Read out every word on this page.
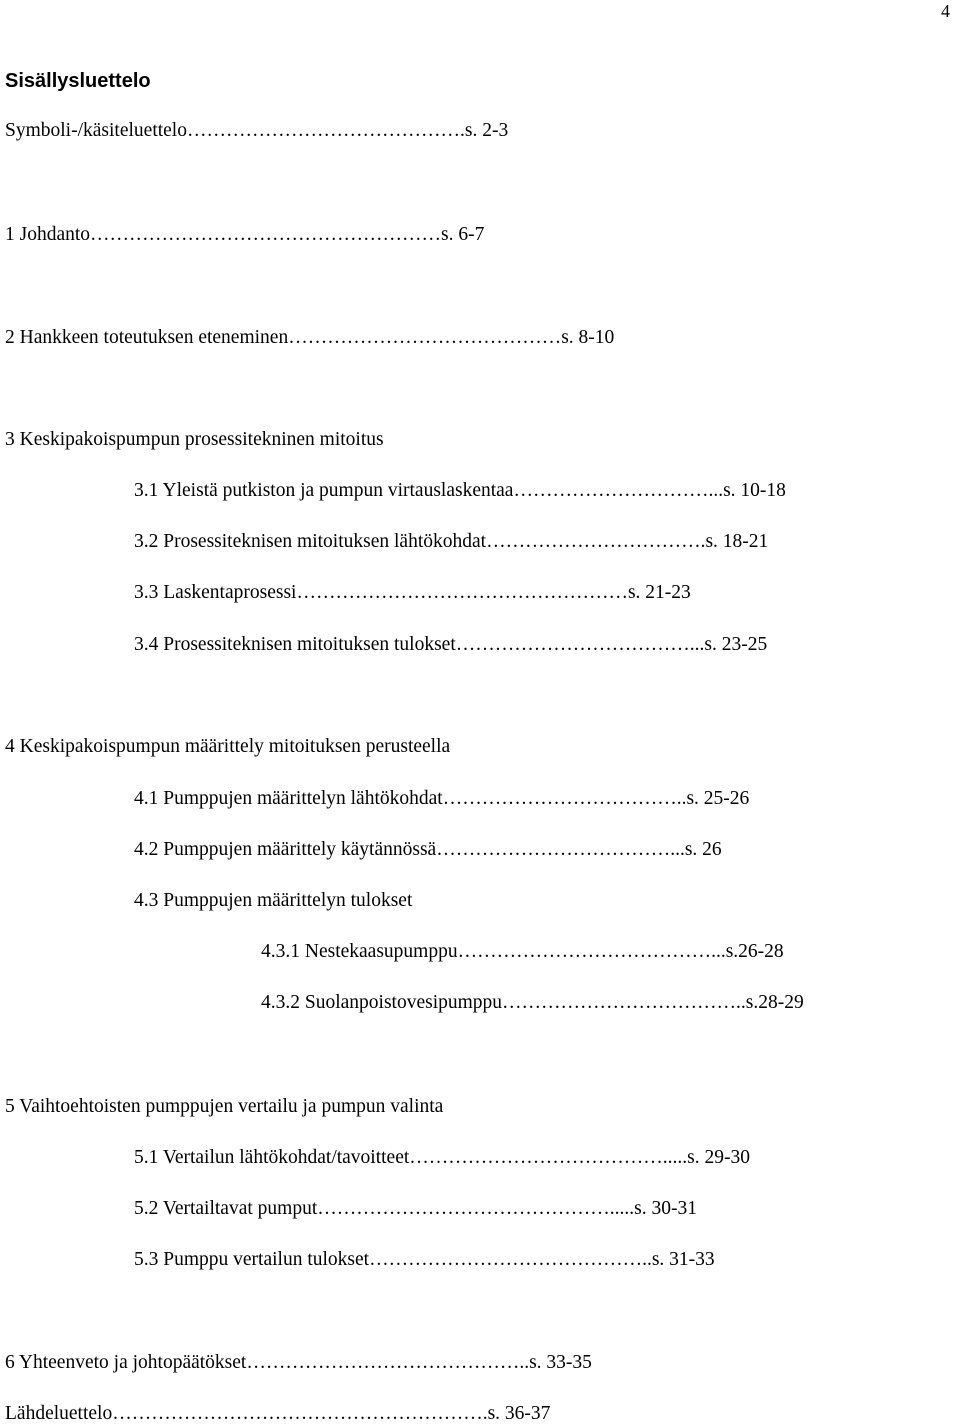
4
Sisällysluettelo
Symboli-/käsiteluettelo…………………………………….s. 2-3
1 Johdanto………………………………………………s. 6-7
2 Hankkeen toteutuksen eteneminen……………………………………s. 8-10
3 Keskipakoispumpun prosessitekninen mitoitus
3.1 Yleistä putkiston ja pumpun virtauslaskentaa…………………………...s. 10-18
3.2 Prosessiteknisen mitoituksen lähtökohdat…………………………….s. 18-21
3.3 Laskentaprosessi……………………………………………s. 21-23
3.4 Prosessiteknisen mitoituksen tulokset………………………………...s. 23-25
4 Keskipakoispumpun määrittely mitoituksen perusteella
4.1 Pumppujen määrittelyn lähtökohdat………………………………..s. 25-26
4.2 Pumppujen määrittely käytännössä………………………………...s. 26
4.3 Pumppujen määrittelyn tulokset
4.3.1 Nestekaasupumppu…………………………………...s.26-28
4.3.2 Suolanpoistovesipumppu………………………………..s.28-29
5 Vaihtoehtoisten pumppujen vertailu ja pumpun valinta
5.1 Vertailun lähtökohdat/tavoitteet………………………………….....s. 29-30
5.2 Vertailtavat pumput……………………………………….....s. 30-31
5.3 Pumppu vertailun tulokset……………………………………..s. 31-33
6 Yhteenveto ja johtopäätökset……………………………………..s. 33-35
Lähdeluettelo………………………………………………….s. 36-37
